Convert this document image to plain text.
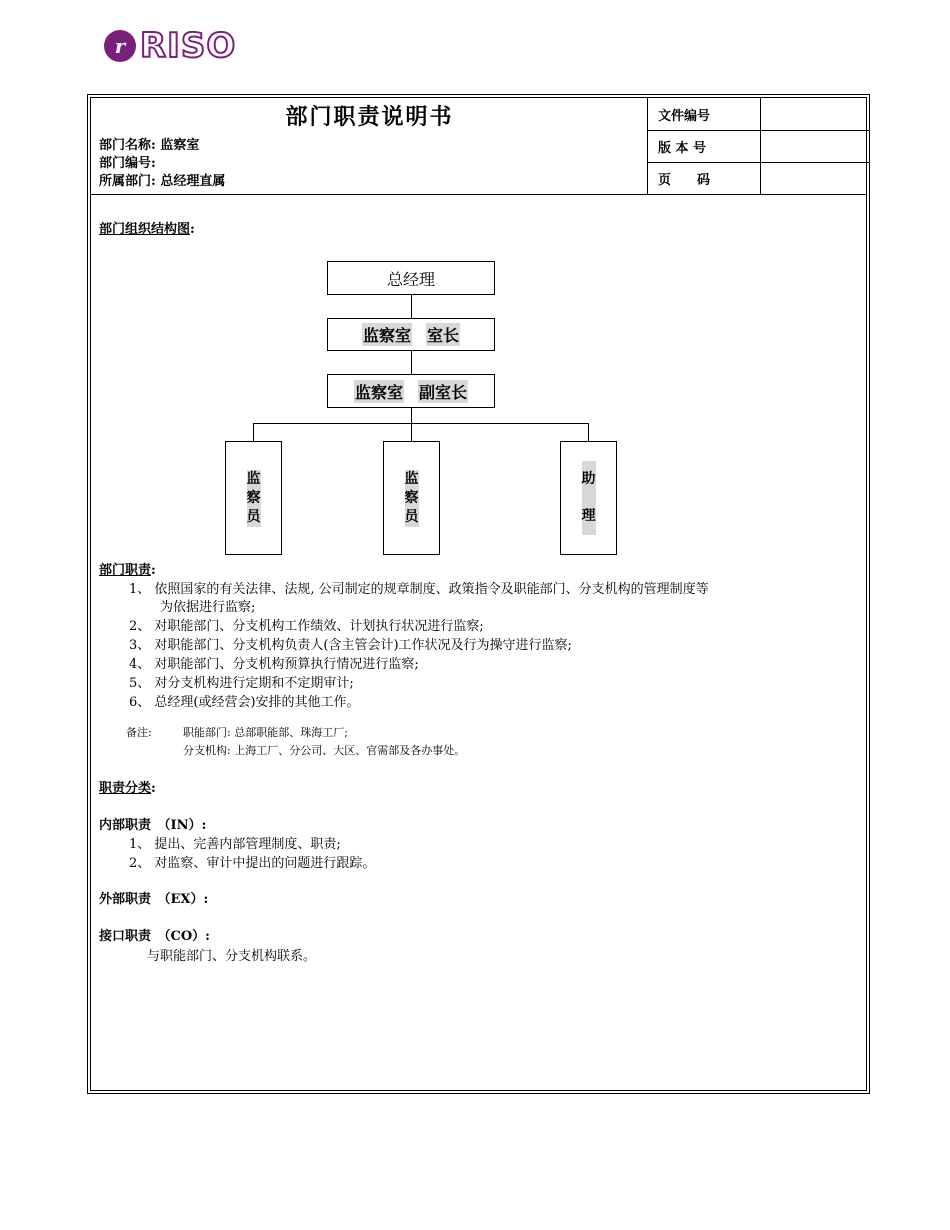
r RISO
部门职责说明书
部门名称: 监察室
部门编号:
所属部门: 总经理直属
文件编号
版 本 号
页　　码
部门组织结构图:
总经理
监察室 室长
监察室 副室长
监
察
员
监
察
员
助
理
部门职责:
1、 依照国家的有关法律、法规, 公司制定的规章制度、政策指令及职能部门、分支机构的管理制度等
为依据进行监察;
2、 对职能部门、分支机构工作绩效、计划执行状况进行监察;
3、 对职能部门、分支机构负责人(含主管会计)工作状况及行为操守进行监察;
4、 对职能部门、分支机构预算执行情况进行监察;
5、 对分支机构进行定期和不定期审计;
6、 总经理(或经营会)安排的其他工作。
备注:	职能部门: 总部职能部、珠海工厂;
分支机构: 上海工厂、分公司、大区、官需部及各办事处。
职责分类:
内部职责　（IN）:
1、 提出、完善内部管理制度、职责;
2、 对监察、审计中提出的问题进行跟踪。
外部职责　（EX）:
接口职责　（CO）:
与职能部门、分支机构联系。
